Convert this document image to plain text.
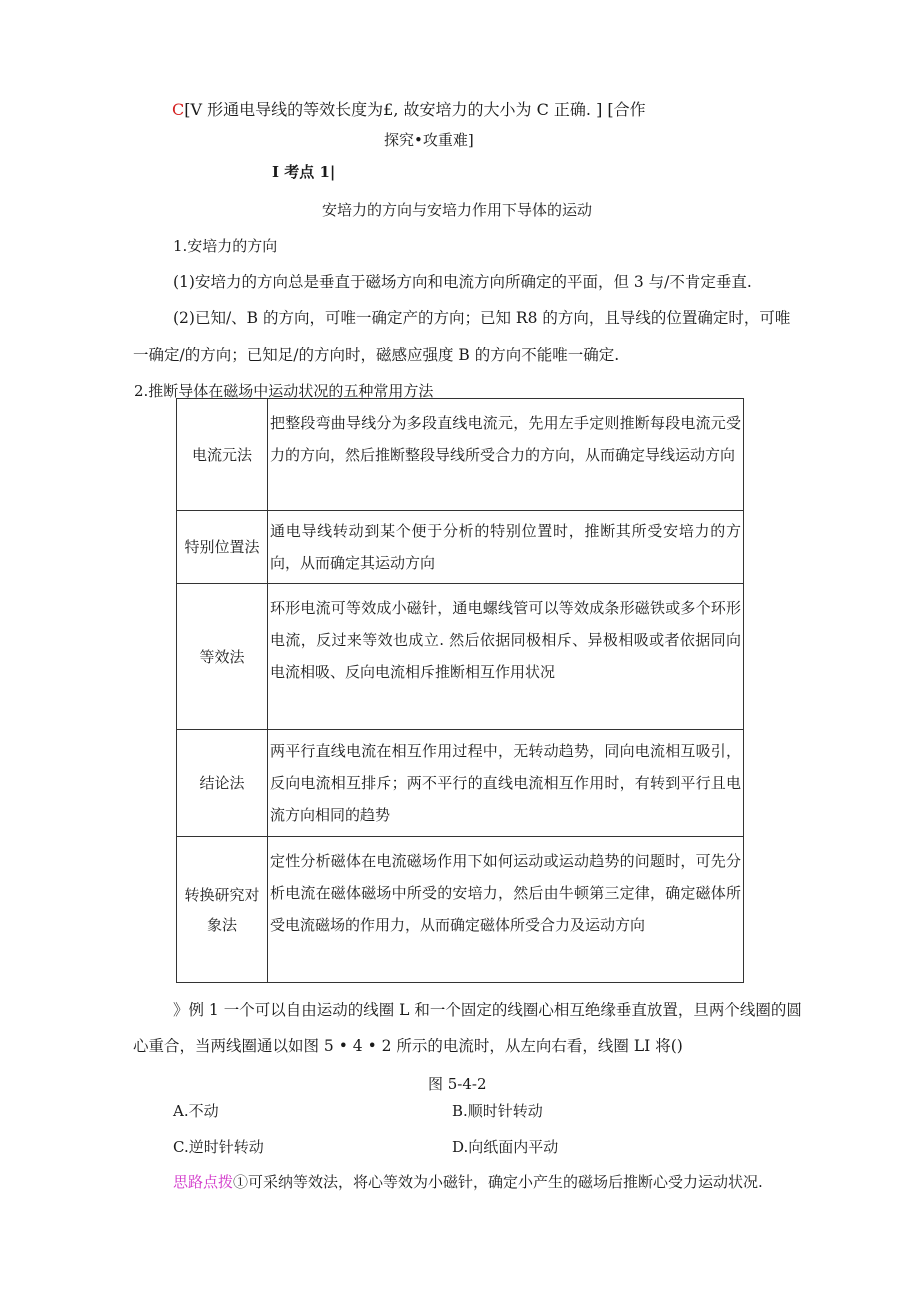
C[V 形通电导线的等效长度为£, 故安培力的大小为 C 正确. ] [合作
探究•攻重难]
I 考点 1|
安培力的方向与安培力作用下导体的运动
1.安培力的方向
(1)安培力的方向总是垂直于磁场方向和电流方向所确定的平面，但 3 与/不肯定垂直.
(2)已知/、B 的方向，可唯一确定产的方向；已知 R8 的方向，且导线的位置确定时，可唯
一确定/的方向；已知足/的方向时，磁感应强度 B 的方向不能唯一确定.
2.推断导体在磁场中运动状况的五种常用方法
电流元法	把整段弯曲导线分为多段直线电流元，先用左手定则推断每段电流元受力的方向，然后推断整段导线所受合力的方向，从而确定导线运动方向
特别位置法	通电导线转动到某个便于分析的特别位置时，推断其所受安培力的方向，从而确定其运动方向
等效法	环形电流可等效成小磁针，通电螺线管可以等效成条形磁铁或多个环形电流，反过来等效也成立. 然后依据同极相斥、异极相吸或者依据同向电流相吸、反向电流相斥推断相互作用状况
结论法	两平行直线电流在相互作用过程中，无转动趋势，同向电流相互吸引，反向电流相互排斥；两不平行的直线电流相互作用时，有转到平行且电流方向相同的趋势
转换研究对象法	定性分析磁体在电流磁场作用下如何运动或运动趋势的问题时，可先分析电流在磁体磁场中所受的安培力，然后由牛顿第三定律，确定磁体所受电流磁场的作用力，从而确定磁体所受合力及运动方向
》例 1 一个可以自由运动的线圈 L 和一个固定的线圈心相互绝缘垂直放置，旦两个线圈的圆
心重合，当两线圈通以如图 5 • 4 • 2 所示的电流时，从左向右看，线圈 LI 将()
图 5-4-2
A.不动	B.顺时针转动
C.逆时针转动	D.向纸面内平动
思路点拨①可采纳等效法，将心等效为小磁针，确定小产生的磁场后推断心受力运动状况.
